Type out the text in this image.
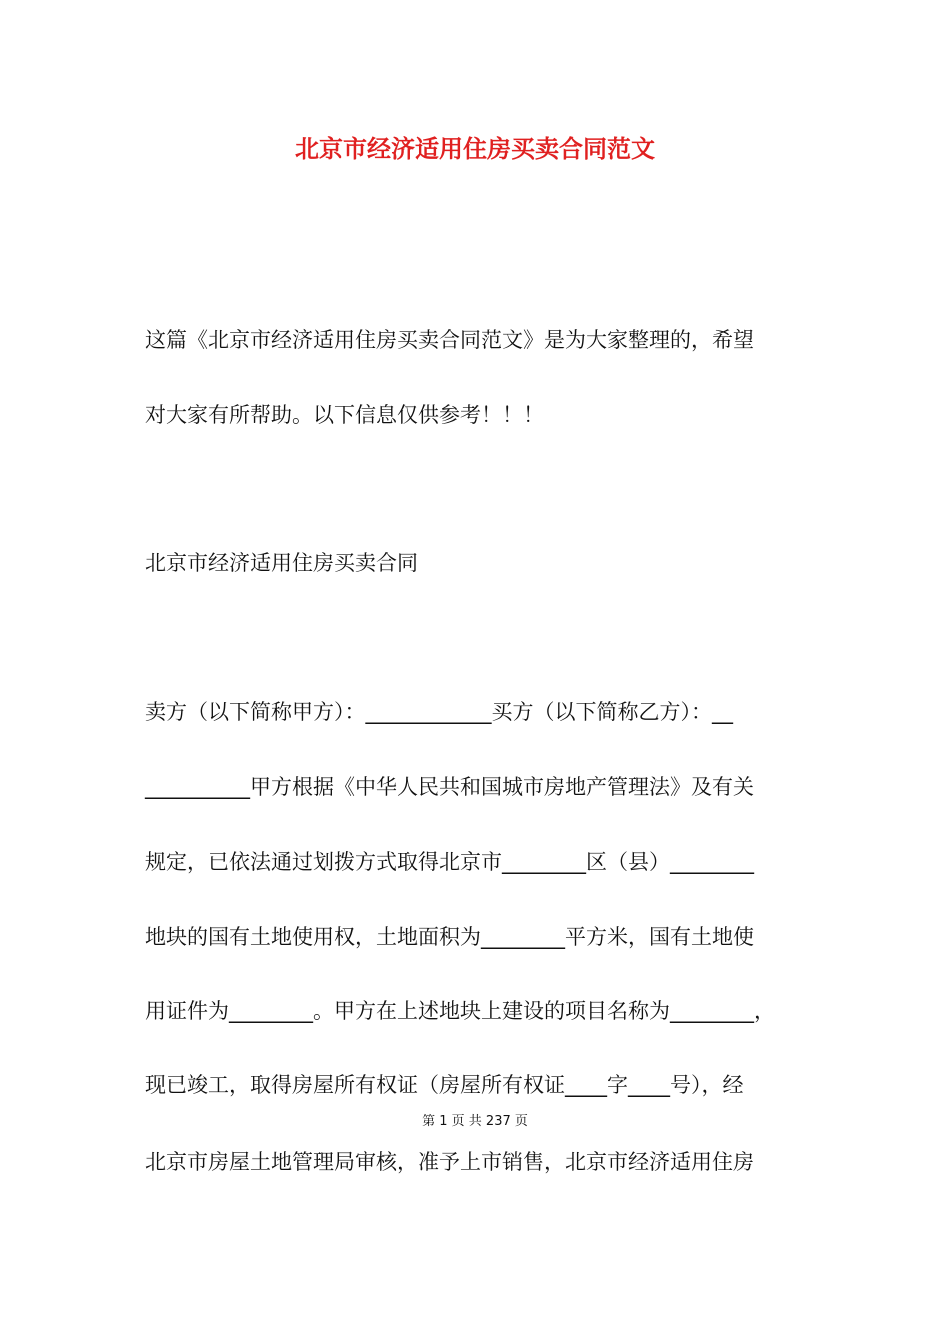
北京市经济适用住房买卖合同范文
这篇《北京市经济适用住房买卖合同范文》是为大家整理的，希望
对大家有所帮助。以下信息仅供参考！！！
北京市经济适用住房买卖合同
卖方（以下简称甲方）：____________买方（以下简称乙方）：__
__________甲方根据《中华人民共和国城市房地产管理法》及有关
规定，已依法通过划拨方式取得北京市________区（县）________
地块的国有土地使用权，土地面积为________平方米，国有土地使
用证件为________。甲方在上述地块上建设的项目名称为________，
现已竣工，取得房屋所有权证（房屋所有权证____字____号），经
第 1 页 共 237 页
北京市房屋土地管理局审核，准予上市销售，北京市经济适用住房
